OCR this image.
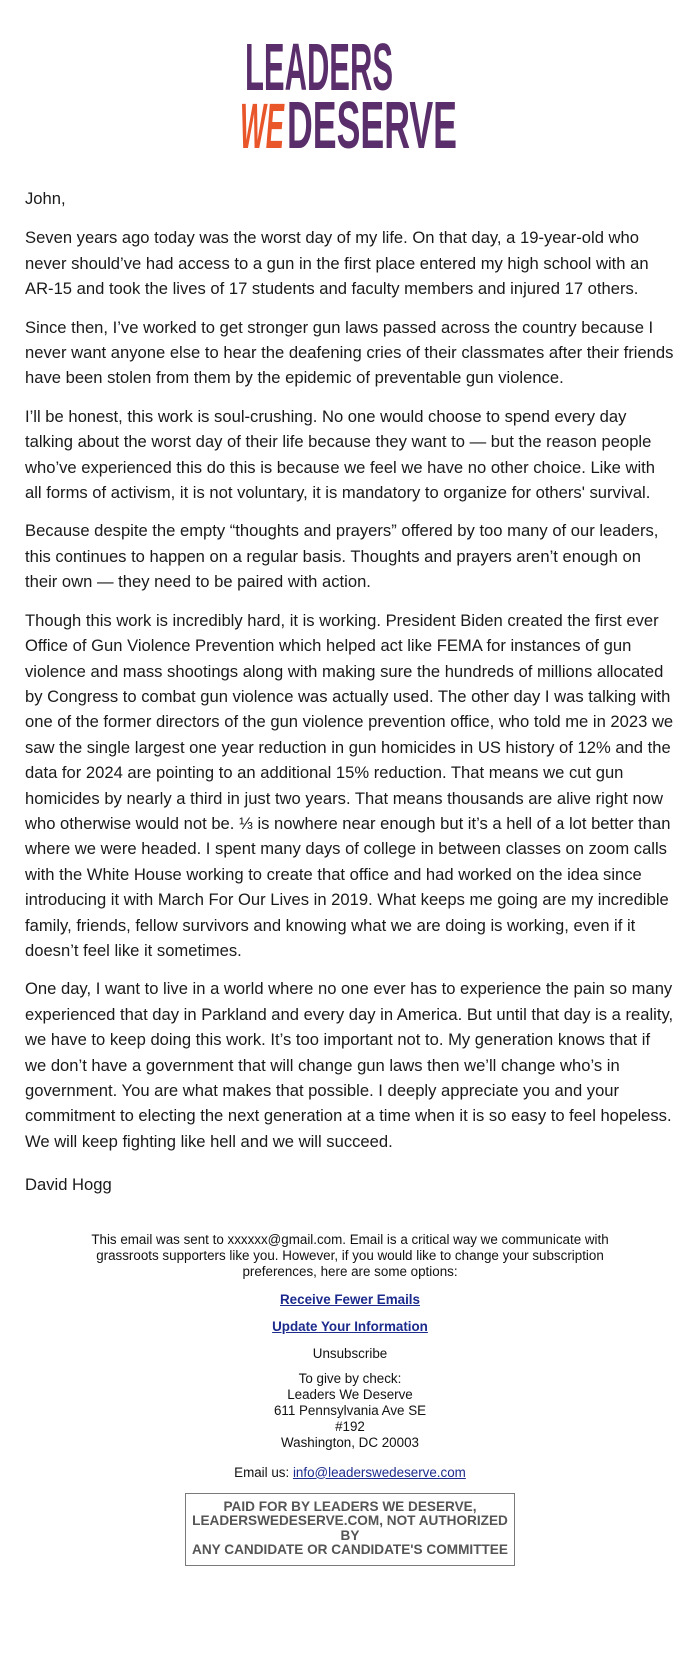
LEADERS
WE DESERVE

John,

Seven years ago today was the worst day of my life. On that day, a 19-year-old who never should’ve had access to a gun in the first place entered my high school with an AR-15 and took the lives of 17 students and faculty members and injured 17 others.

Since then, I’ve worked to get stronger gun laws passed across the country because I never want anyone else to hear the deafening cries of their classmates after their friends have been stolen from them by the epidemic of preventable gun violence.

I’ll be honest, this work is soul-crushing. No one would choose to spend every day talking about the worst day of their life because they want to — but the reason people who’ve experienced this do this is because we feel we have no other choice. Like with all forms of activism, it is not voluntary, it is mandatory to organize for others' survival.

Because despite the empty “thoughts and prayers” offered by too many of our leaders, this continues to happen on a regular basis. Thoughts and prayers aren’t enough on their own — they need to be paired with action.

Though this work is incredibly hard, it is working. President Biden created the first ever Office of Gun Violence Prevention which helped act like FEMA for instances of gun violence and mass shootings along with making sure the hundreds of millions allocated by Congress to combat gun violence was actually used. The other day I was talking with one of the former directors of the gun violence prevention office, who told me in 2023 we saw the single largest one year reduction in gun homicides in US history of 12% and the data for 2024 are pointing to an additional 15% reduction. That means we cut gun homicides by nearly a third in just two years. That means thousands are alive right now who otherwise would not be. ⅓ is nowhere near enough but it’s a hell of a lot better than where we were headed. I spent many days of college in between classes on zoom calls with the White House working to create that office and had worked on the idea since introducing it with March For Our Lives in 2019. What keeps me going are my incredible family, friends, fellow survivors and knowing what we are doing is working, even if it doesn’t feel like it sometimes.

One day, I want to live in a world where no one ever has to experience the pain so many experienced that day in Parkland and every day in America. But until that day is a reality, we have to keep doing this work. It’s too important not to. My generation knows that if we don’t have a government that will change gun laws then we’ll change who’s in government. You are what makes that possible. I deeply appreciate you and your commitment to electing the next generation at a time when it is so easy to feel hopeless. We will keep fighting like hell and we will succeed.

David Hogg

This email was sent to xxxxxx@gmail.com. Email is a critical way we communicate with grassroots supporters like you. However, if you would like to change your subscription preferences, here are some options:
Receive Fewer Emails
Update Your Information
Unsubscribe
To give by check:
Leaders We Deserve
611 Pennsylvania Ave SE
#192
Washington, DC 20003
Email us: info@leaderswedeserve.com
PAID FOR BY LEADERS WE DESERVE,
LEADERSWEDESERVE.COM, NOT AUTHORIZED BY
ANY CANDIDATE OR CANDIDATE'S COMMITTEE
